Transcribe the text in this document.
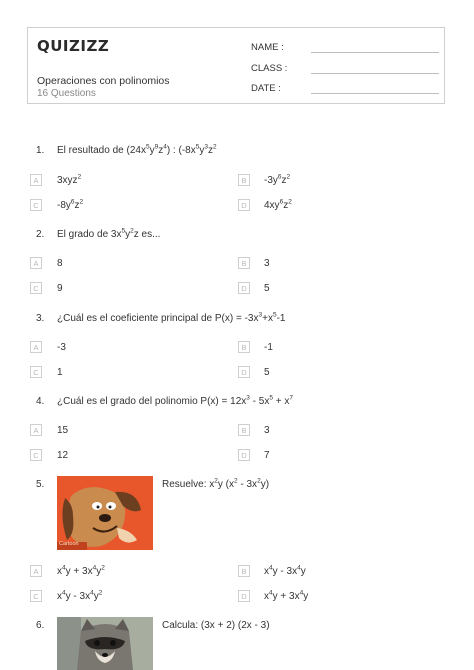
QUIZIZZ
Operaciones con polinomios
16 Questions
NAME :
CLASS :
DATE :
1. El resultado de $(24x^5y^9z^4)$ : ($-8x^5y^3z^2$
A	3xyz$^2$	B	$-3y^6z^2$
C	$-8y^6z^2$	D	$4xy^6z^2$
2. El grado de $3x^5y^2z$ es...
A	8	B	3
C	9	D	5
3. ¿Cuál es el coeficiente principal de $P(x) = -3x^3+x^5-1$
A	-3	B	-1
C	1	D	5
4. ¿Cuál es el grado del polinomio $P(x) = 12x^3 - 5x^5 + x^7$
A	15	B	3
C	12	D	7
5.	Resuelve: $x^2y$ $(x^2 - 3x^2y)$
A	$x^4y + 3x^4y^2$	B	$x^4y - 3x^4y$
C	$x^4y - 3x^4y^2$	D	$x^4y + 3x^4y$
6.	Calcula: (3x + 2) (2x - 3)
Cartoon
